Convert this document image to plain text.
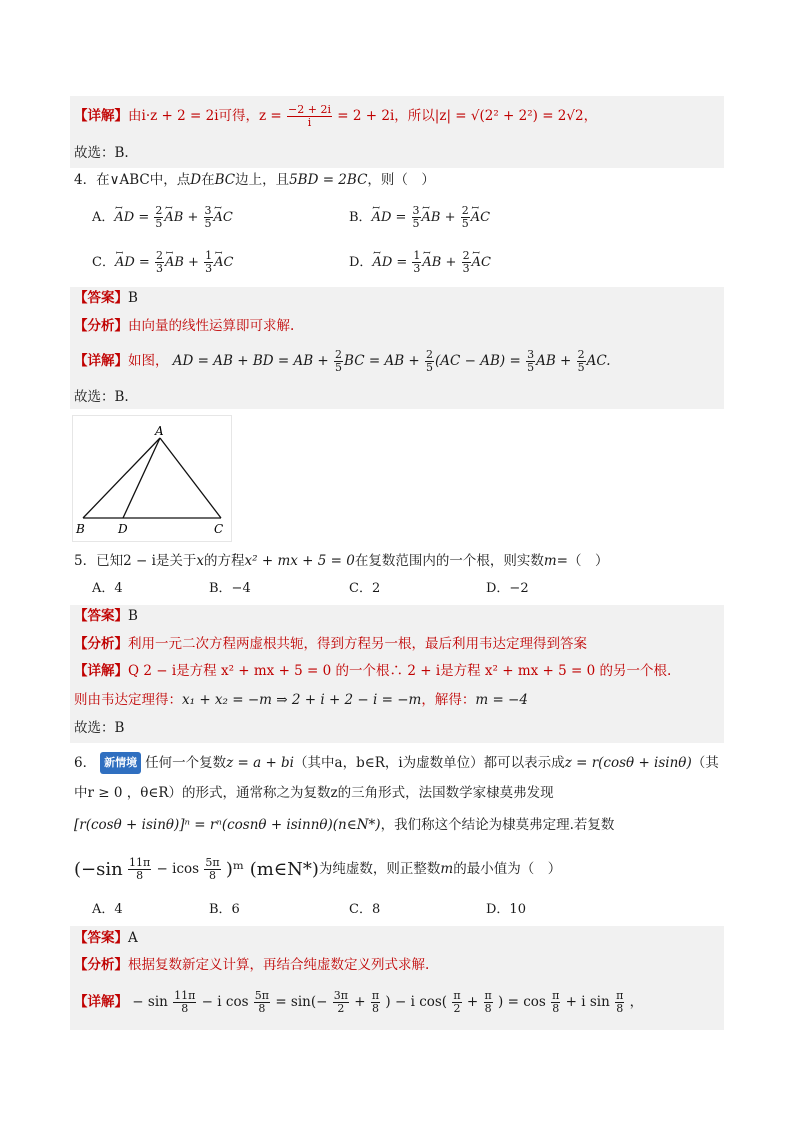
【详解】由i·z + 2 = 2i可得，$z = \frac{-2 + 2i}{i} = 2 + 2i$，所以|z| = √(2² + 2²) = 2√2，
故选：B.
4．在∨ABC中，点D在BC边上，且5BD = 2BC，则（　）
A．ꟷ AD = $\frac{2}{5}$ ꟷ AB + $\frac{3}{5}$ ꟷ AC	B．ꟷ AD = $\frac{3}{5}$ ꟷ AB + $\frac{2}{5}$ ꟷ AC
C．ꟷ AD = $\frac{2}{3}$ ꟷ AB + $\frac{1}{3}$ ꟷ AC	D．ꟷ AD = $\frac{1}{3}$ ꟷ AB + $\frac{2}{3}$ ꟷ AC
【答案】B
【分析】由向量的线性运算即可求解.
【详解】如图， AD = AB + BD = AB + $\frac{2}{5}$ BC = AB + $\frac{2}{5} (AC - AB) = \frac{3}{5}$ AB + $\frac{2}{5}$ AC.
故选：B.
A
B	D	C
5．已知2 − i是关于x的方程x² + mx + 5 = 0在复数范围内的一个根，则实数m=（　）
A．4	B．−4	C．2	D．−2
【答案】B
【分析】利用一元二次方程两虚根共轭，得到方程另一根，最后利用韦达定理得到答案
【详解】Q 2 − i是方程 x² + mx + 5 = 0 的一个根∴ 2 + i是方程 x² + mx + 5 = 0 的另一个根.
则由韦达定理得：x₁ + x₂ = −m ⇒ 2 + i + 2 − i = −m，解得：m = −4
故选：B
6． 新情境 任何一个复数z = a + bi（其中a，b∈R，i为虚数单位）都可以表示成z = r(cosθ + isinθ)（其
中r ≥ 0 ，θ∈R）的形式，通常称之为复数z的三角形式，法国数学家棣莫弗发现
[r(cosθ + isinθ)]ⁿ = rⁿ(cosnθ + isinnθ)(n∈N*)，我们称这个结论为棣莫弗定理.若复数
($-\sin \frac{11\pi}{8} - icos \frac{5\pi}{8}$ )ᵐ (m∈N*)为纯虚数，则正整数m的最小值为（　）
A．4	B．6	C．8	D．10
【答案】A
【分析】根据复数新定义计算，再结合纯虚数定义列式求解.
【详解】 − $\sin \frac{11\pi}{8} - i$ $\cos \frac{5\pi}{8} = \sin(- \frac{3\pi}{2} + \frac{\pi}{8}$ ) − i $\cos( \frac{\pi}{2} + \frac{\pi}{8}$ ) = $\cos \frac{\pi}{8} + i$ $\sin \frac{\pi}{8}$ ，
